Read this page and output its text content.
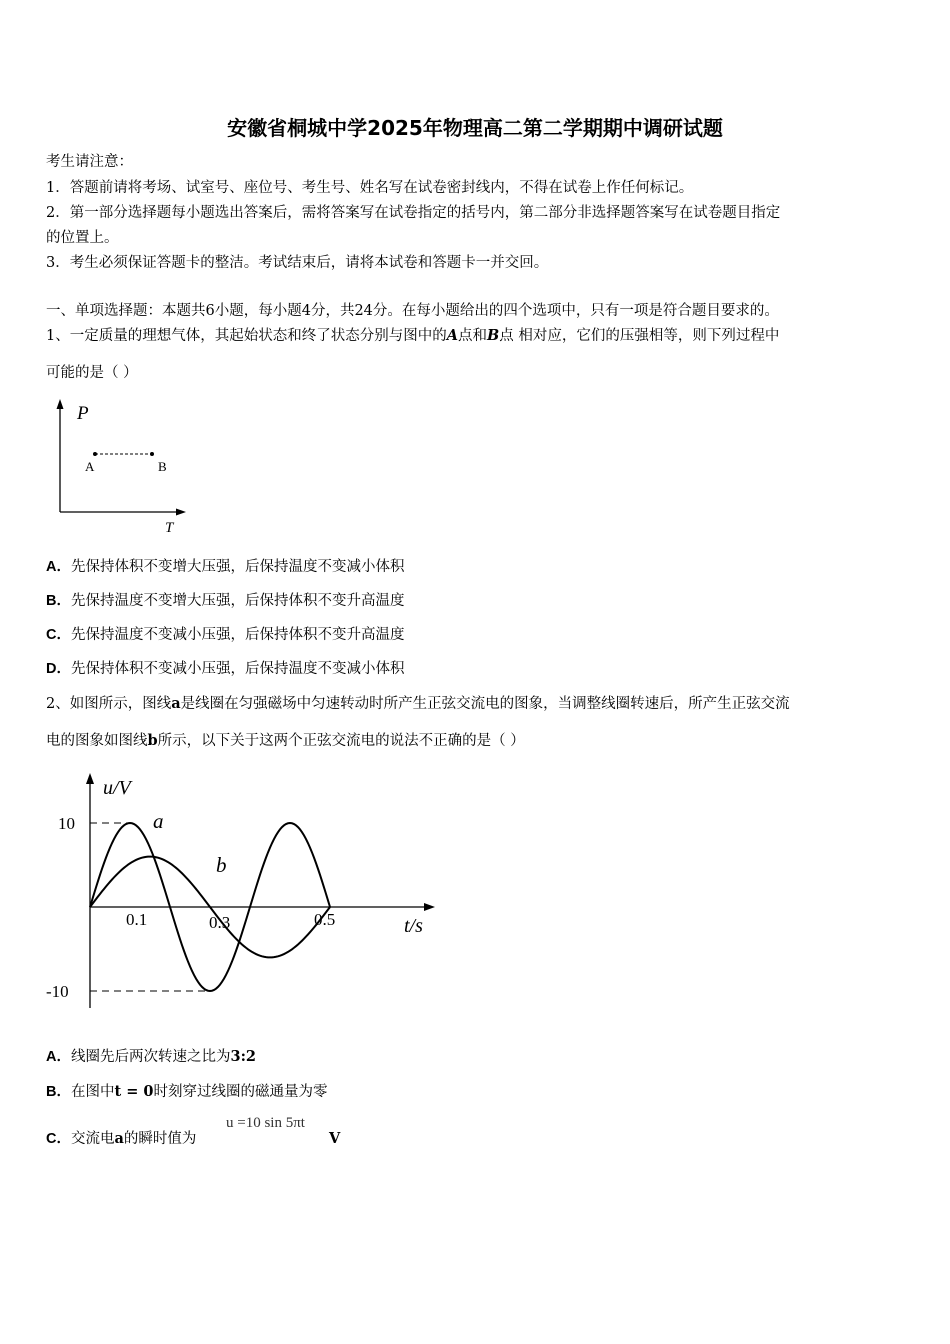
安徽省桐城中学2025年物理高二第二学期期中调研试题
考生请注意：
1．答题前请将考场、试室号、座位号、考生号、姓名写在试卷密封线内，不得在试卷上作任何标记。
2．第一部分选择题每小题选出答案后，需将答案写在试卷指定的括号内，第二部分非选择题答案写在试卷题目指定
的位置上。
3．考生必须保证答题卡的整洁。考试结束后，请将本试卷和答题卡一并交回。
一、单项选择题：本题共6小题，每小题4分，共24分。在每小题给出的四个选项中，只有一项是符合题目要求的。
1、一定质量的理想气体，其起始状态和终了状态分别与图中的A点和B点 相对应，它们的压强相等，则下列过程中
可能的是（ ）
P
T
A	B
A．先保持体积不变增大压强，后保持温度不变减小体积
B．先保持温度不变增大压强，后保持体积不变升高温度
C．先保持温度不变减小压强，后保持体积不变升高温度
D．先保持体积不变减小压强，后保持温度不变减小体积
2、如图所示，图线a是线圈在匀强磁场中匀速转动时所产生正弦交流电的图象，当调整线圈转速后，所产生正弦交流
电的图象如图线b所示，以下关于这两个正弦交流电的说法不正确的是（ ）
u/V
t/s
10
-10
0.1	0.3	0.5
a
b
A．线圈先后两次转速之比为3:2
B．在图中t = 0时刻穿过线圈的磁通量为零
C．交流电a的瞬时值为
u =10 sin 5πt
V
